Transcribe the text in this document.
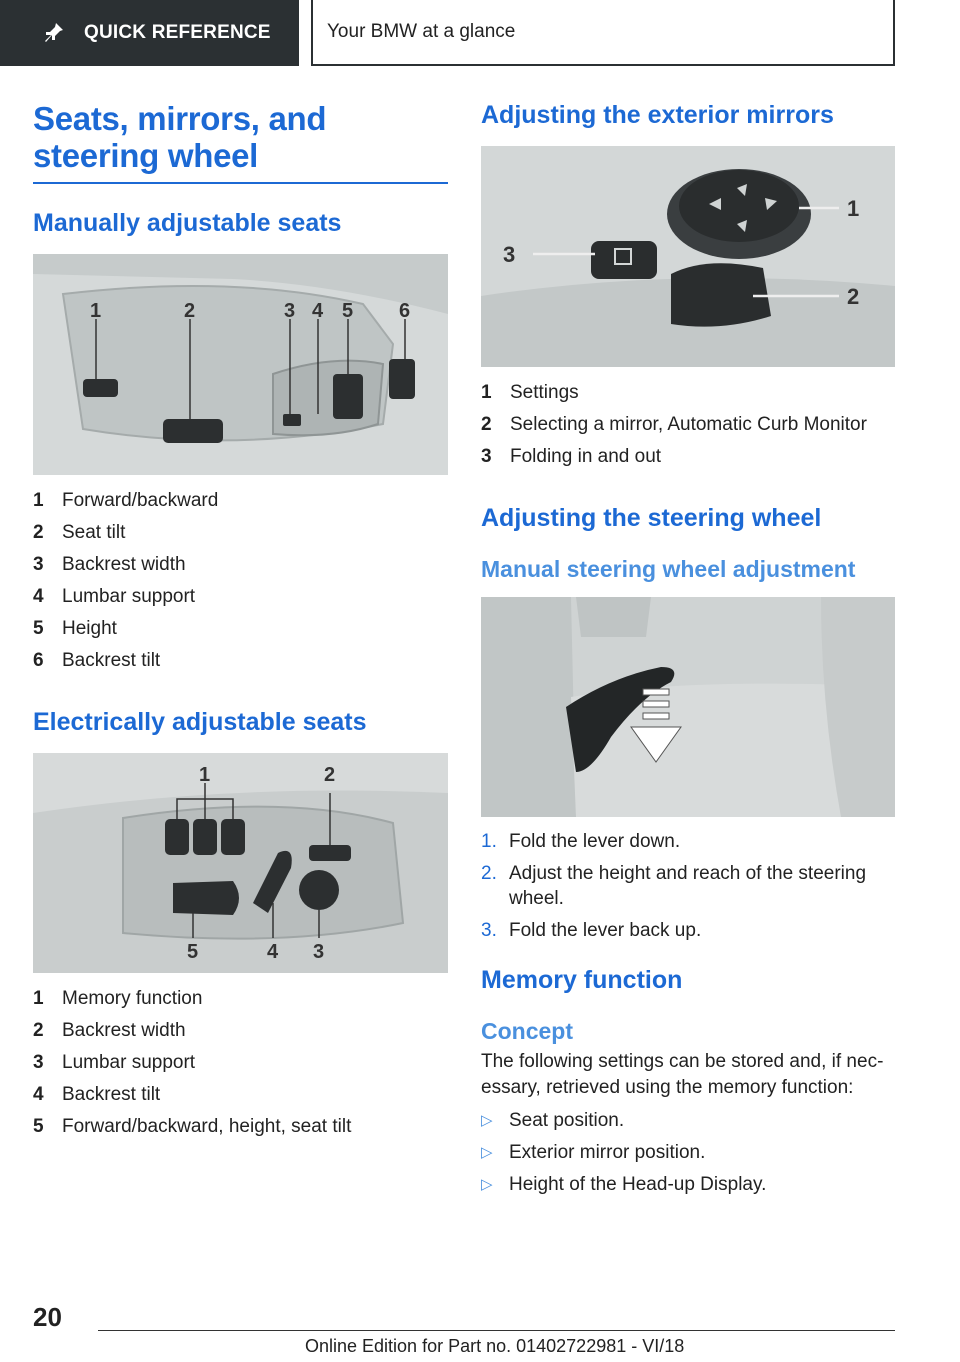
QUICK REFERENCE	Your BMW at a glance
Seats, mirrors, and steering wheel
Manually adjustable seats
1	2	3 4 5 6
1 Forward/backward
2 Seat tilt
3 Backrest width
4 Lumbar support
5 Height
6 Backrest tilt
Electrically adjustable seats
1	2
5	4 3
1 Memory function
2 Backrest width
3 Lumbar support
4 Backrest tilt
5 Forward/backward, height, seat tilt
Adjusting the exterior mirrors
1
2
3
1 Settings
2 Selecting a mirror, Automatic Curb Monitor
3 Folding in and out
Adjusting the steering wheel
Manual steering wheel adjustment
1. Fold the lever down.
2. Adjust the height and reach of the steering wheel.
3. Fold the lever back up.
Memory function
Concept

The following settings can be stored and, if nec-essary, retrieved using the memory function:

▷ Seat position.
▷ Exterior mirror position.
▷ Height of the Head-up Display.
20
Online Edition for Part no. 01402722981 - VI/18
